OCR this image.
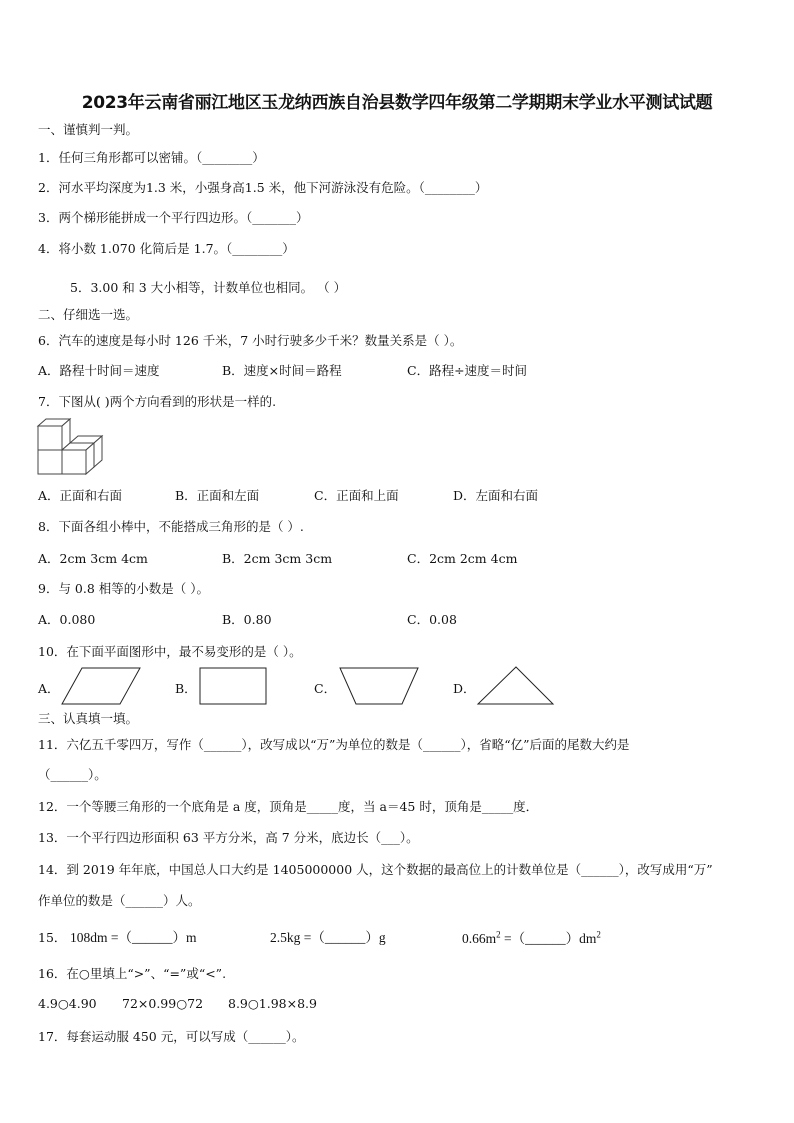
2023年云南省丽江地区玉龙纳西族自治县数学四年级第二学期期末学业水平测试试题
一、谨慎判一判。
1．任何三角形都可以密铺。（________）
2．河水平均深度为1.3 米，小强身高1.5 米，他下河游泳没有危险。（________）
3．两个梯形能拼成一个平行四边形。（_______）
4．将小数 1.070 化简后是 1.7。（________）
5．3.00 和 3 大小相等，计数单位也相同。 （ ）
二、仔细选一选。
6．汽车的速度是每小时 126 千米，7 小时行驶多少千米？数量关系是（ ）。
A．路程十时间＝速度	B．速度×时间＝路程	C．路程÷速度＝时间
7．下图从( )两个方向看到的形状是一样的.
A．正面和右面	B．正面和左面	C．正面和上面	D．左面和右面
8．下面各组小棒中，不能搭成三角形的是（ ）.
A．2cm 3cm 4cm	B．2cm 3cm 3cm	C．2cm 2cm 4cm
9．与 0.8 相等的小数是（ ）。
A．0.080	B．0.80	C．0.08
10．在下面平面图形中，最不易变形的是（ ）。
A．	B．	C．	D．
三、认真填一填。
11．六亿五千零四万，写作（______），改写成以“万”为单位的数是（______），省略“亿”后面的尾数大约是
（______）。
12．一个等腰三角形的一个底角是 a 度，顶角是_____度，当 a＝45 时，顶角是_____度．
13．一个平行四边形面积 63 平方分米，高 7 分米，底边长（___）。
14．到 2019 年年底，中国总人口大约是 1405000000 人，这个数据的最高位上的计数单位是（______），改写成用“万”
作单位的数是（______）人。
15． 108dm =（______）m	2.5kg =（______）g	$0.66m^2$ $=(\_\_\_\_\_\_)dm^2$
16．在○里填上“>”、“=”或“<”.
4.9○4.90 72×0.99○72 8.9○1.98×8.9
17．每套运动服 450 元，可以写成（______）。
